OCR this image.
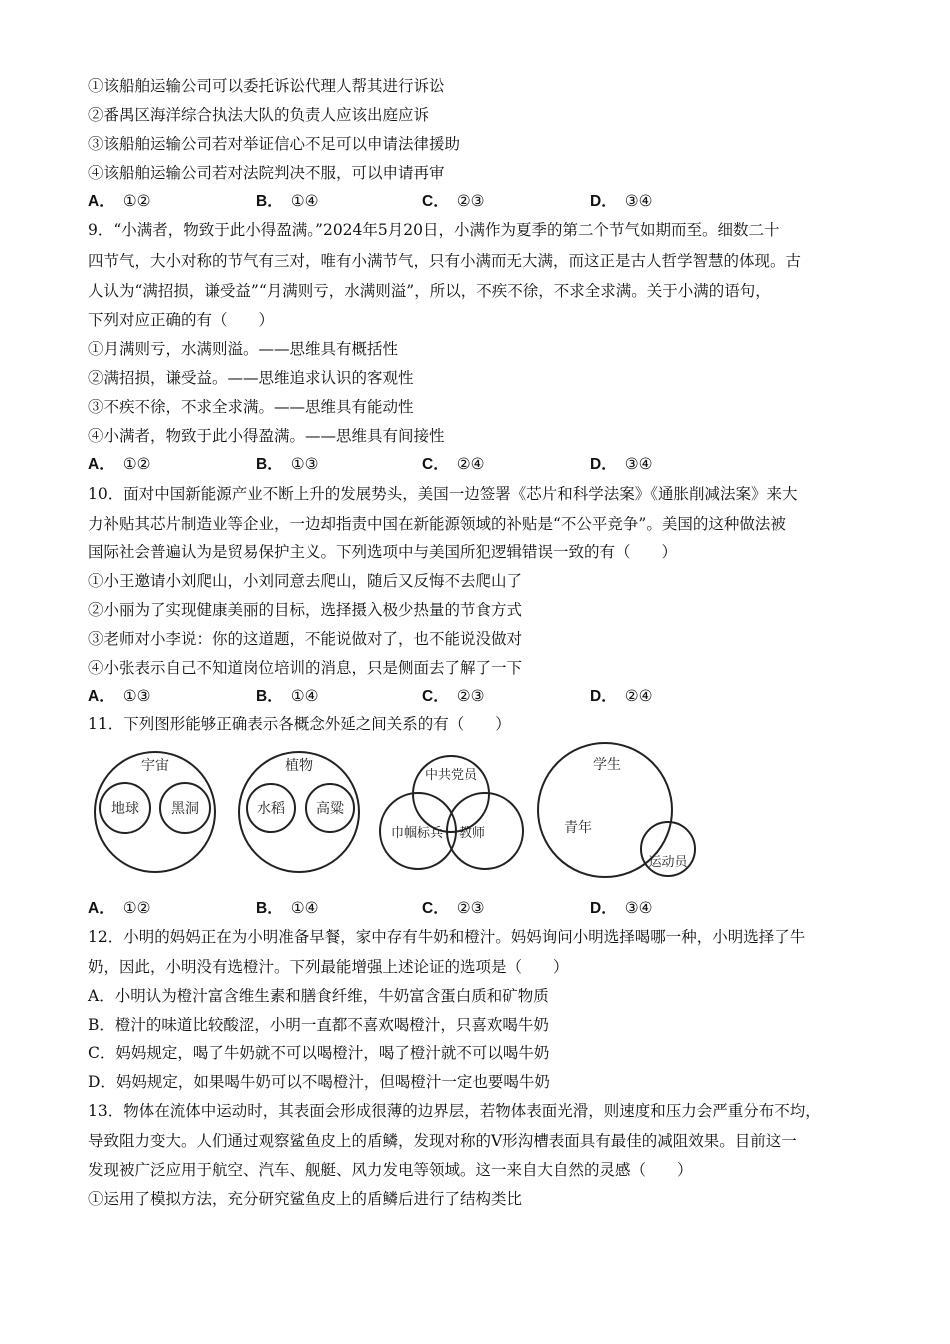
①该船舶运输公司可以委托诉讼代理人帮其进行诉讼
②番禺区海洋综合执法大队的负责人应该出庭应诉
③该船舶运输公司若对举证信心不足可以申请法律援助
④该船舶运输公司若对法院判决不服，可以申请再审
A． ①②	B． ①④	C． ②③	D． ③④
9．“小满者，物致于此小得盈满。”2024年5月20日，小满作为夏季的第二个节气如期而至。细数二十
四节气，大小对称的节气有三对，唯有小满节气，只有小满而无大满，而这正是古人哲学智慧的体现。古
人认为“满招损，谦受益”“月满则亏，水满则溢”，所以，不疾不徐，不求全求满。关于小满的语句，
下列对应正确的有（　　）
①月满则亏，水满则溢。——思维具有概括性
②满招损，谦受益。——思维追求认识的客观性
③不疾不徐，不求全求满。——思维具有能动性
④小满者，物致于此小得盈满。——思维具有间接性
A． ①②	B． ①③	C． ②④	D． ③④
10．面对中国新能源产业不断上升的发展势头，美国一边签署《芯片和科学法案》《通胀削减法案》来大
力补贴其芯片制造业等企业，一边却指责中国在新能源领域的补贴是“不公平竞争”。美国的这种做法被
国际社会普遍认为是贸易保护主义。下列选项中与美国所犯逻辑错误一致的有（　　）
①小王邀请小刘爬山，小刘同意去爬山，随后又反悔不去爬山了
②小丽为了实现健康美丽的目标，选择摄入极少热量的节食方式
③老师对小李说：你的这道题，不能说做对了，也不能说没做对
④小张表示自己不知道岗位培训的消息，只是侧面去了解了一下
A． ①③	B． ①④	C． ②③	D． ②④
11．下列图形能够正确表示各概念外延之间关系的有（　　）
宇宙
地球 黑洞
植物
水稻 高粱
中共党员
巾帼标兵 教师
学生
青年
运动员
A． ①②	B． ①④	C． ②③	D． ③④
12．小明的妈妈正在为小明准备早餐，家中存有牛奶和橙汁。妈妈询问小明选择喝哪一种，小明选择了牛
奶，因此，小明没有选橙汁。下列最能增强上述论证的选项是（　　）
A．小明认为橙汁富含维生素和膳食纤维，牛奶富含蛋白质和矿物质
B．橙汁的味道比较酸涩，小明一直都不喜欢喝橙汁，只喜欢喝牛奶
C．妈妈规定，喝了牛奶就不可以喝橙汁，喝了橙汁就不可以喝牛奶
D．妈妈规定，如果喝牛奶可以不喝橙汁，但喝橙汁一定也要喝牛奶
13．物体在流体中运动时，其表面会形成很薄的边界层，若物体表面光滑，则速度和压力会严重分布不均，
导致阻力变大。人们通过观察鲨鱼皮上的盾鳞，发现对称的V形沟槽表面具有最佳的减阻效果。目前这一
发现被广泛应用于航空、汽车、舰艇、风力发电等领域。这一来自大自然的灵感（　　）
①运用了模拟方法，充分研究鲨鱼皮上的盾鳞后进行了结构类比
